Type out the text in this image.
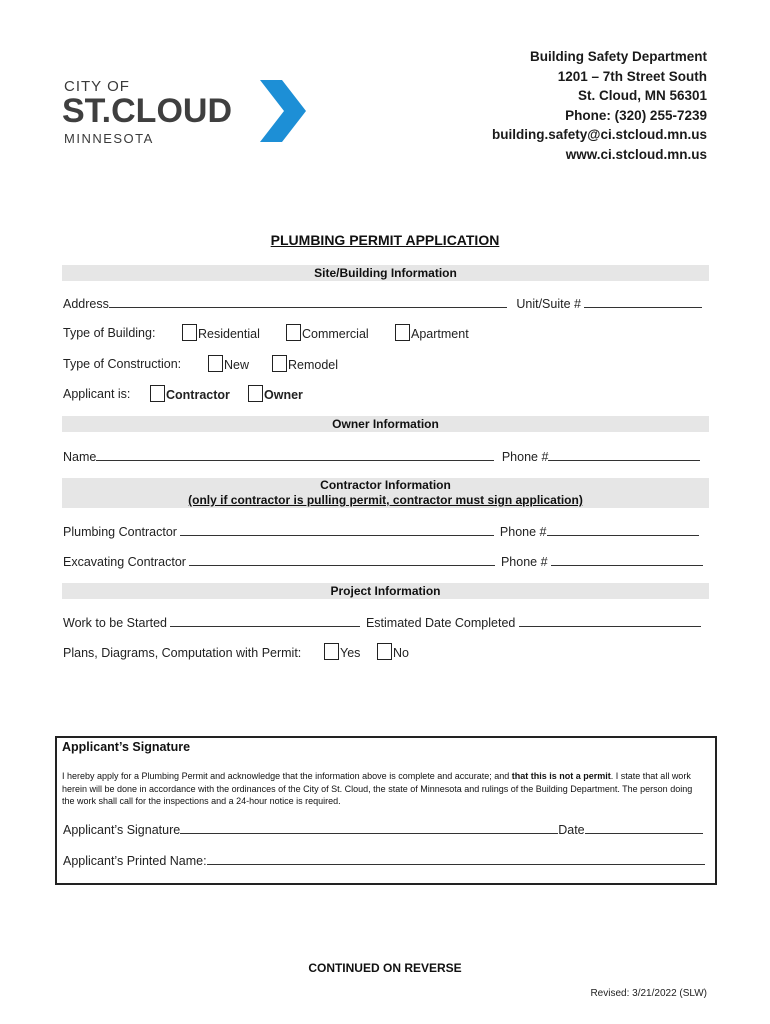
CITY OF
ST.CLOUD
MINNESOTA
Building Safety Department
1201 – 7th Street South
St. Cloud, MN 56301
Phone: (320) 255-7239
building.safety@ci.stcloud.mn.us
www.ci.stcloud.mn.us
PLUMBING PERMIT APPLICATION
Site/Building Information
Address	Unit/Suite #
Type of Building:	Residential	Commercial	Apartment
Type of Construction:	New	Remodel
Applicant is:	Contractor	Owner
Owner Information
Name	Phone #
Contractor Information
(only if contractor is pulling permit, contractor must sign application)
Plumbing Contractor	Phone #
Excavating Contractor	Phone #
Project Information
Work to be Started	Estimated Date Completed
Plans, Diagrams, Computation with Permit:	Yes	No
Applicant’s Signature
I hereby apply for a Plumbing Permit and acknowledge that the information above is complete and accurate; and that this is not a permit. I state that all work herein will be done in accordance with the ordinances of the City of St. Cloud, the state of Minnesota and rulings of the Building Department. The person doing the work shall call for the inspections and a 24-hour notice is required.
Applicant’s Signature	Date
Applicant’s Printed Name:
CONTINUED ON REVERSE
Revised: 3/21/2022 (SLW)
